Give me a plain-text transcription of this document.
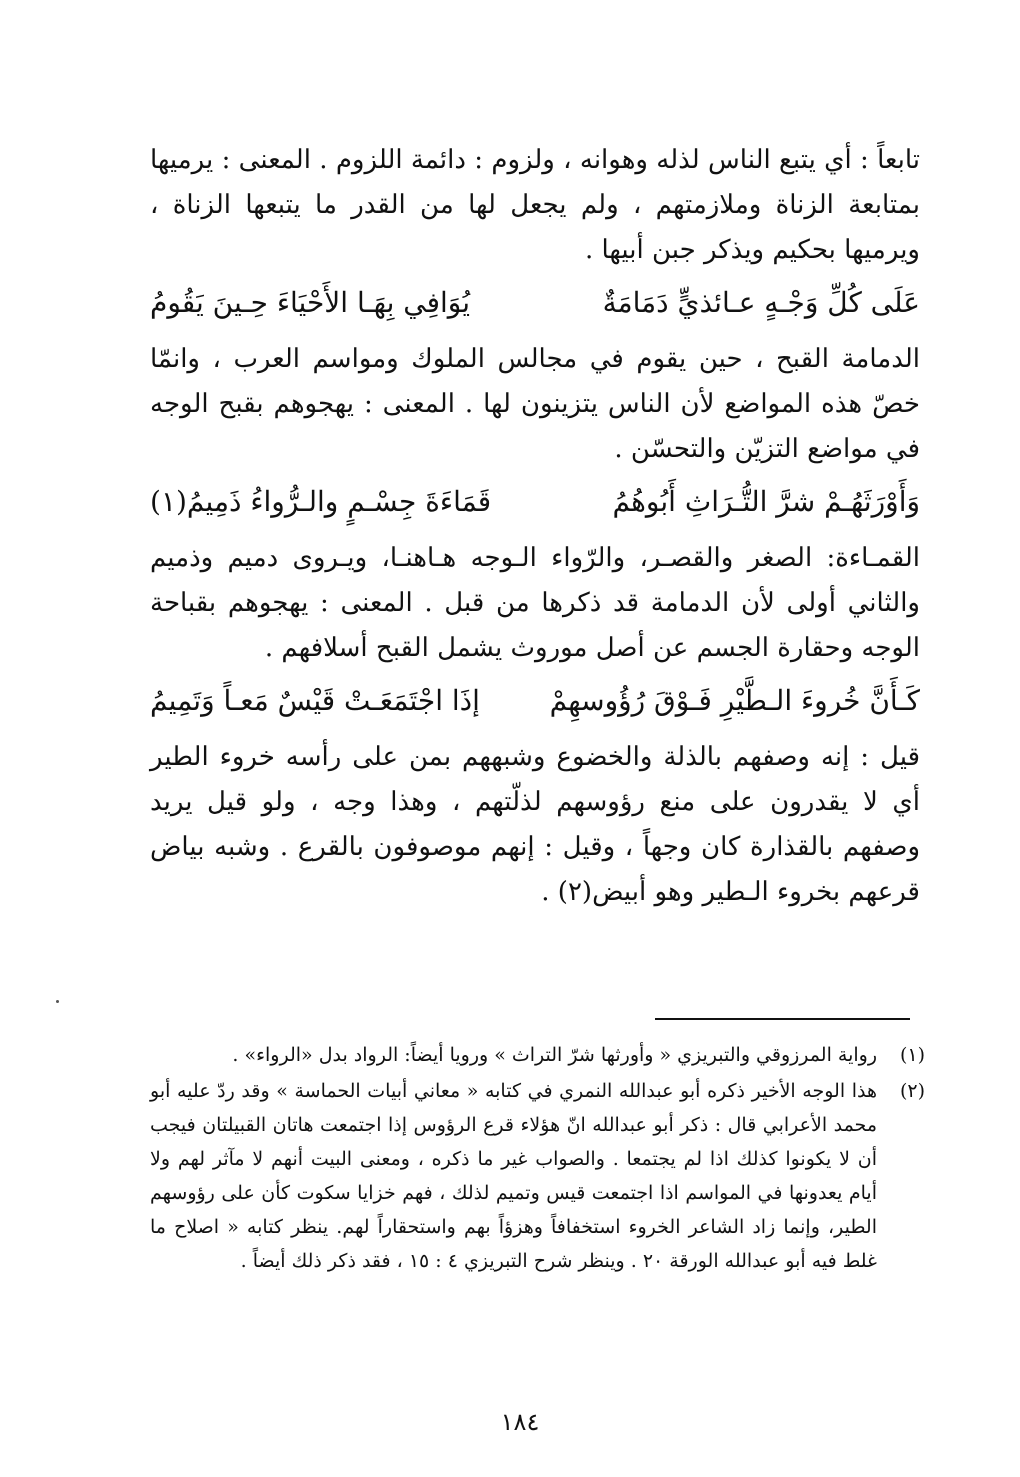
تابعاً : أي يتبع الناس لذله وهوانه ، ولزوم : دائمة اللزوم . المعنى : يرميها بمتابعة الزناة وملازمتهم ، ولم يجعل لها من القدر ما يتبعها الزناة ، ويرميها بحكيم ويذكر جبن أبيها .

عَلَى كُلِّ وَجْـهٍ عـائذيٍّ دَمَامَةٌ
يُوَافِي بِهَـا الأَحْيَاءَ حِـينَ يَقُومُ

الدمامة القبح ، حين يقوم في مجالس الملوك ومواسم العرب ، وانمّا خصّ هذه المواضع لأن الناس يتزينون لها . المعنى : يهجوهم بقبح الوجه في مواضع التزيّن والتحسّن .

وَأَوْرَثَهُـمْ شرَّ التُّـرَاثِ أَبُوهُمُ
قَمَاءَةَ جِسْـمٍ والـرُّواءُ ذَمِيمُ(١)

القمـاءة: الصغر والقصـر، والرّواء الـوجه هـاهنـا، ويـروى دميم وذميم والثاني أولى لأن الدمامة قد ذكرها من قبل . المعنى : يهجوهم بقباحة الوجه وحقارة الجسم عن أصل موروث يشمل القبح أسلافهم .

كَـأَنَّ خُروءَ الـطَّيْرِ فَـوْقَ رُؤُوسهِمْ
إذَا اجْتَمَعَـتْ قَيْسٌ مَعـاً وَتَمِيمُ

قيل : إنه وصفهم بالذلة والخضوع وشبههم بمن على رأسه خروء الطير أي لا يقدرون على منع رؤوسهم لذلّتهم ، وهذا وجه ، ولو قيل يريد وصفهم بالقذارة كان وجهاً ، وقيل : إنهم موصوفون بالقرع . وشبه بياض قرعهم بخروء الـطير وهو أبيض(٢) .

(١)
رواية المرزوقي والتبريزي « وأورثها شرّ التراث » ورويا أيضاً: الرواد بدل «الرواء» .
(٢)
هذا الوجه الأخير ذكره أبو عبدالله النمري في كتابه « معاني أبيات الحماسة » وقد ردّ عليه أبو محمد الأعرابي قال : ذكر أبو عبدالله انّ هؤلاء قرع الرؤوس إذا اجتمعت هاتان القبيلتان فيجب أن لا يكونوا كذلك اذا لم يجتمعا . والصواب غير ما ذكره ، ومعنى البيت أنهم لا مآثر لهم ولا أيام يعدونها في المواسم اذا اجتمعت قيس وتميم لذلك ، فهم خزايا سكوت كأن على رؤوسهم الطير، وإنما زاد الشاعر الخروء استخفافاً وهزؤاً بهم واستحقاراً لهم. ينظر كتابه « اصلاح ما غلط فيه أبو عبدالله الورقة ٢٠ . وينظر شرح التبريزي ٤ : ١٥ ، فقد ذكر ذلك أيضاً .
١٨٤
